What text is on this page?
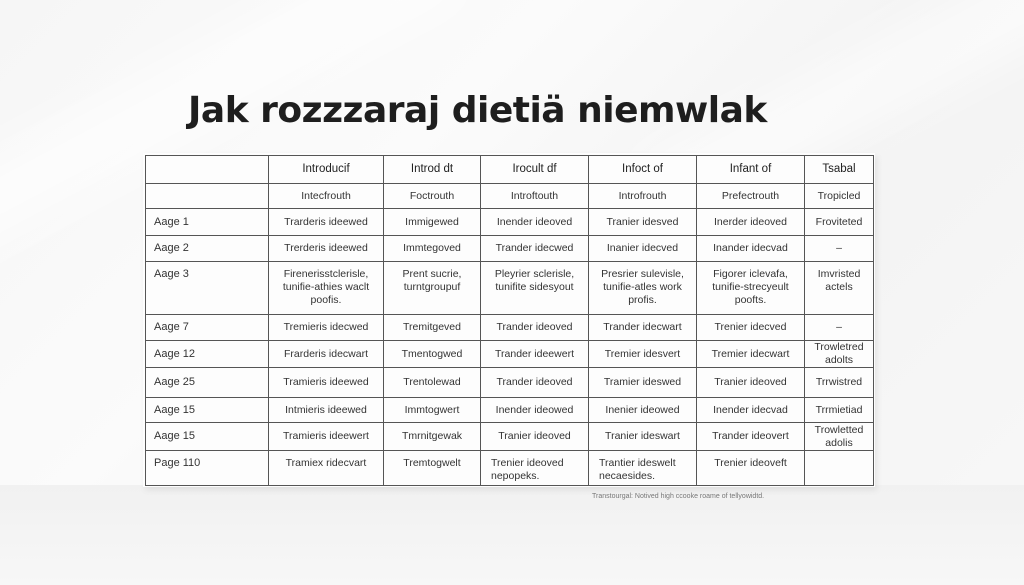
Jak rozzzaraj dietiä niemwlak
	Introducif	Introd dt	Irocult df	Infoct of	Infant of	Tsabal
	Intecfrouth	Foctrouth	Introftouth	Introfrouth	Prefectrouth	Tropicled
Aage 1	Trarderis ideewed	Immigewed	Inender ideoved	Tranier idesved	Inerder ideoved	Froviteted
Aage 2	Trerderis ideewed	Immtegoved	Trander idecwed	Inanier idecved	Inander idecvad	–
Aage 3	Firenerisstclerisle, tunifie-athies waclt poofis.	Prent sucrie, turntgroupuf	Pleyrier sclerisle, tunifite sidesyout	Presrier sulevisle, tunifie-atles work profis.	Figorer iclevafa, tunifie-strecyeult poofts.	Imvristed actels
Aage 7	Tremieris idecwed	Tremitgeved	Trander ideoved	Trander idecwart	Trenier idecved	–
Aage 12	Frarderis idecwart	Tmentogwed	Trander ideewert	Tremier idesvert	Tremier idecwart	Trowletred adolts
Aage 25	Tramieris ideewed	Trentolewad	Trander ideoved	Tramier ideswed	Tranier ideoved	Trrwistred
Aage 15	Intmieris ideewed	Immtogwert	Inender ideowed	Inenier ideowed	Inender idecvad	Trrmietiad
Aage 15	Tramieris ideewert	Tmrnitgewak	Tranier ideoved	Tranier ideswart	Trander ideovert	Trowletted adolis
Page 110	Tramiex ridecvart	Tremtogwelt	Trenier ideoved nepopeks.	Trantier ideswelt necaesides.	Trenier ideoveft	
Transtourgal: Notived high ccooke roame of tellyowidtd.
